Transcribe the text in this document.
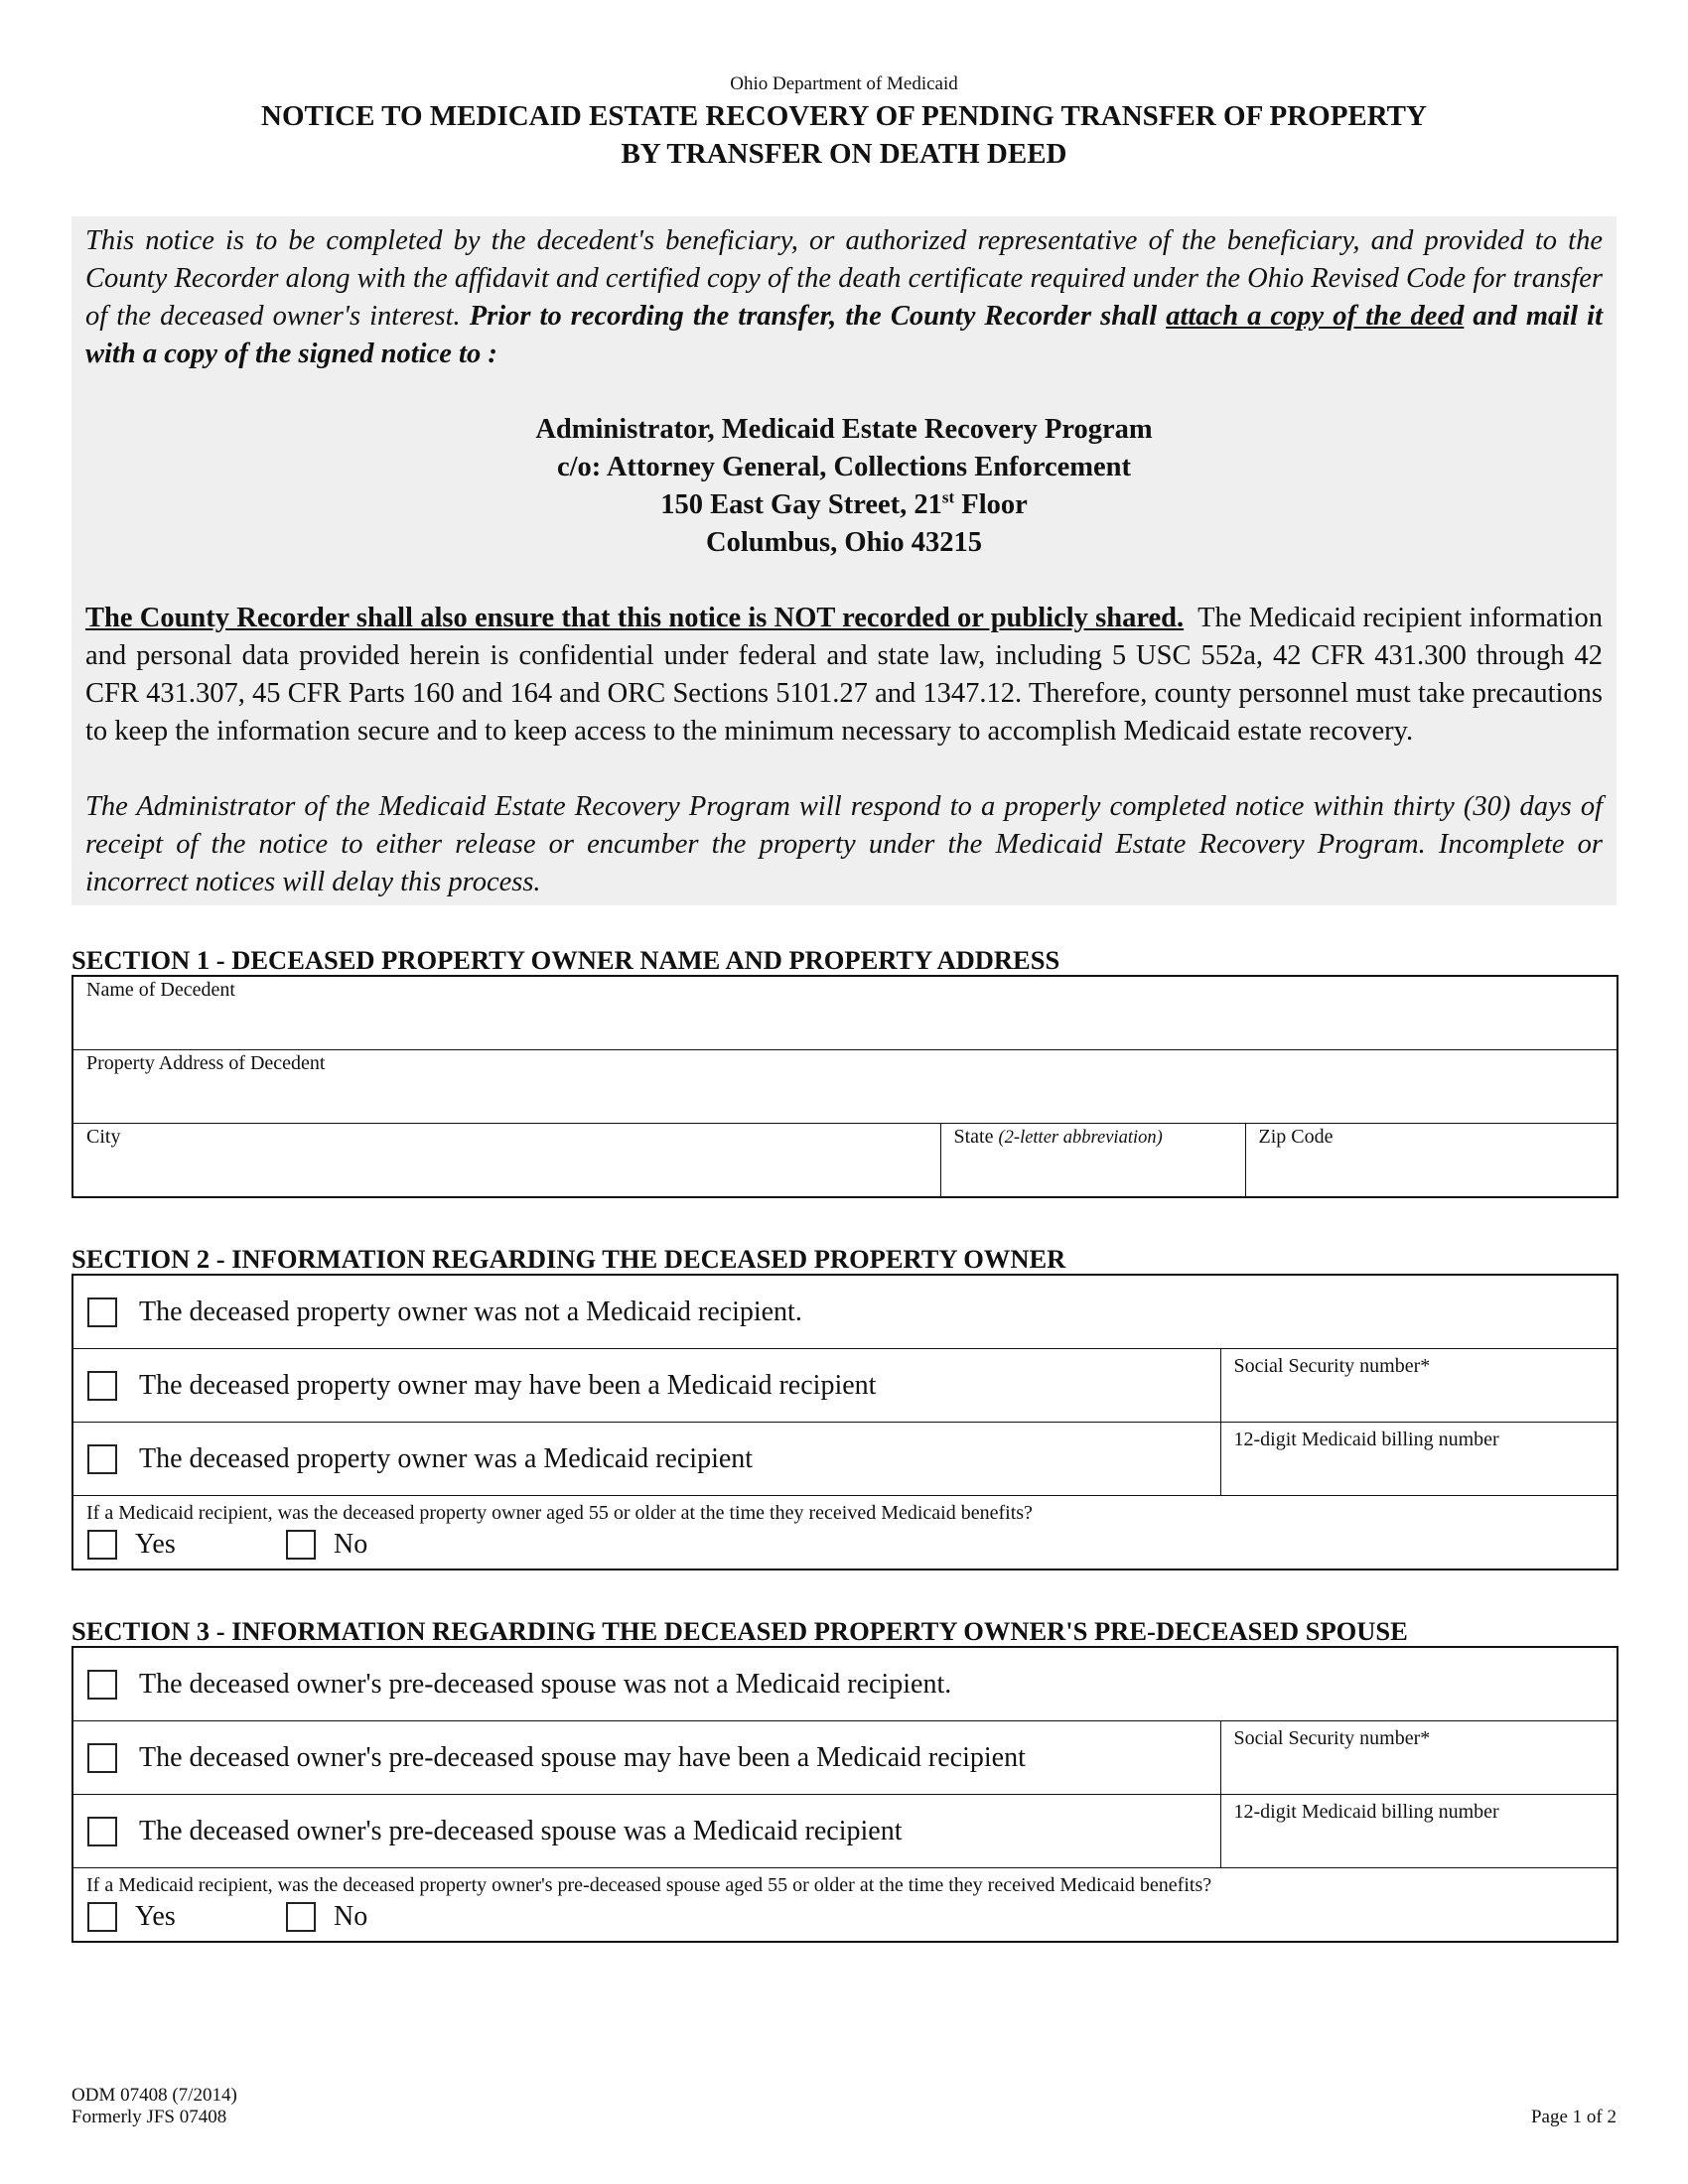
Ohio Department of Medicaid
NOTICE TO MEDICAID ESTATE RECOVERY OF PENDING TRANSFER OF PROPERTY
BY TRANSFER ON DEATH DEED

This notice is to be completed by the decedent's beneficiary, or authorized representative of the beneficiary, and provided to the County Recorder along with the affidavit and certified copy of the death certificate required under the Ohio Revised Code for transfer of the deceased owner's interest. Prior to recording the transfer, the County Recorder shall attach a copy of the deed and mail it with a copy of the signed notice to :

Administrator, Medicaid Estate Recovery Program
c/o: Attorney General, Collections Enforcement
150 East Gay Street, 21st Floor
Columbus, Ohio 43215

The County Recorder shall also ensure that this notice is NOT recorded or publicly shared. The Medicaid recipient information and personal data provided herein is confidential under federal and state law, including 5 USC 552a, 42 CFR 431.300 through 42 CFR 431.307, 45 CFR Parts 160 and 164 and ORC Sections 5101.27 and 1347.12. Therefore, county personnel must take precautions to keep the information secure and to keep access to the minimum necessary to accomplish Medicaid estate recovery.

The Administrator of the Medicaid Estate Recovery Program will respond to a properly completed notice within thirty (30) days of receipt of the notice to either release or encumber the property under the Medicaid Estate Recovery Program. Incomplete or incorrect notices will delay this process.

SECTION 1 - DECEASED PROPERTY OWNER NAME AND PROPERTY ADDRESS
Name of Decedent

Property Address of Decedent

City	State (2-letter abbreviation)	Zip Code
SECTION 2 - INFORMATION REGARDING THE DECEASED PROPERTY OWNER
The deceased property owner was not a Medicaid recipient.	

The deceased property owner may have been a Medicaid recipient	Social Security number*

The deceased property owner was a Medicaid recipient	12-digit Medicaid billing number

If a Medicaid recipient, was the deceased property owner aged 55 or older at the time they received Medicaid benefits?
Yes No	
SECTION 3 - INFORMATION REGARDING THE DECEASED PROPERTY OWNER'S PRE-DECEASED SPOUSE
The deceased owner's pre-deceased spouse was not a Medicaid recipient.	

The deceased owner's pre-deceased spouse may have been a Medicaid recipient	Social Security number*

The deceased owner's pre-deceased spouse was a Medicaid recipient	12-digit Medicaid billing number

If a Medicaid recipient, was the deceased property owner's pre-deceased spouse aged 55 or older at the time they received Medicaid benefits?
Yes No	
ODM 07408 (7/2014)
Formerly JFS 07408	Page 1 of 2
